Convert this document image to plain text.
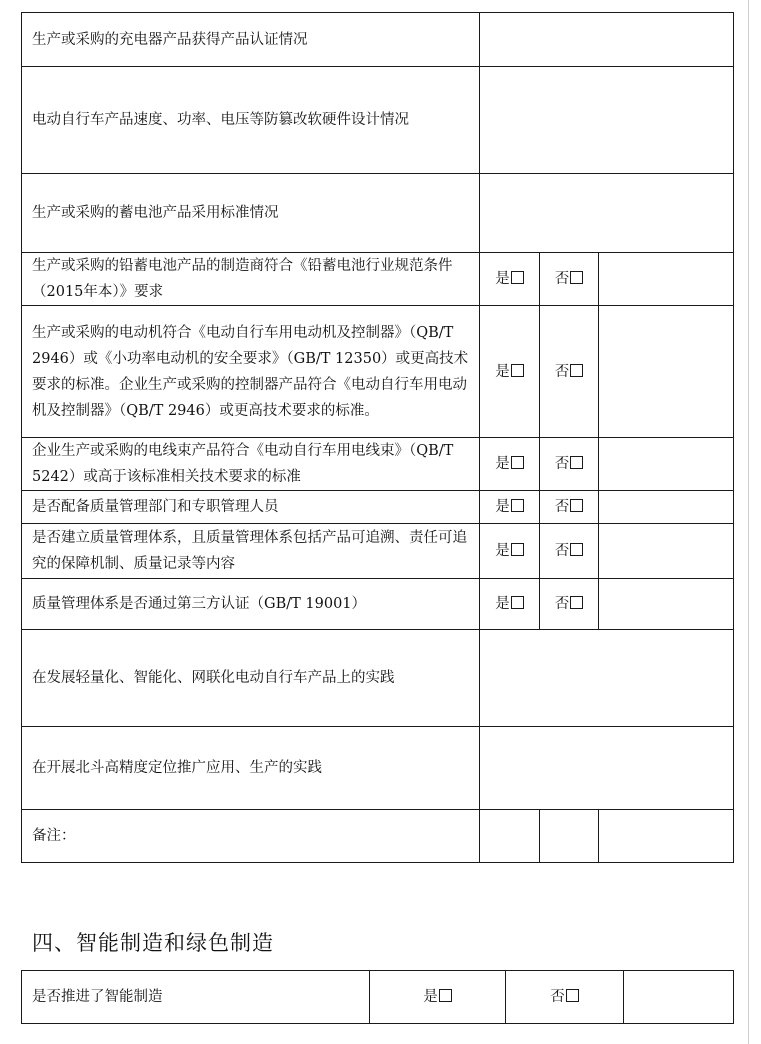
生产或采购的充电器产品获得产品认证情况			
电动自行车产品速度、功率、电压等防篡改软硬件设计情况			
生产或采购的蓄电池产品采用标准情况			
生产或采购的铅蓄电池产品的制造商符合《铅蓄电池行业规范条件（2015年本）》要求	是	否	
生产或采购的电动机符合《电动自行车用电动机及控制器》（QB/T 2946）或《小功率电动机的安全要求》（GB/T 12350）或更高技术要求的标准。企业生产或采购的控制器产品符合《电动自行车用电动机及控制器》（QB/T 2946）或更高技术要求的标准。	是	否	
企业生产或采购的电线束产品符合《电动自行车用电线束》（QB/T 5242）或高于该标准相关技术要求的标准	是	否	
是否配备质量管理部门和专职管理人员	是	否	
是否建立质量管理体系，且质量管理体系包括产品可追溯、责任可追究的保障机制、质量记录等内容	是	否	
质量管理体系是否通过第三方认证（GB/T 19001）	是	否	
在发展轻量化、智能化、网联化电动自行车产品上的实践			
在开展北斗高精度定位推广应用、生产的实践			
备注：			
四、智能制造和绿色制造
是否推进了智能制造	是	否	
